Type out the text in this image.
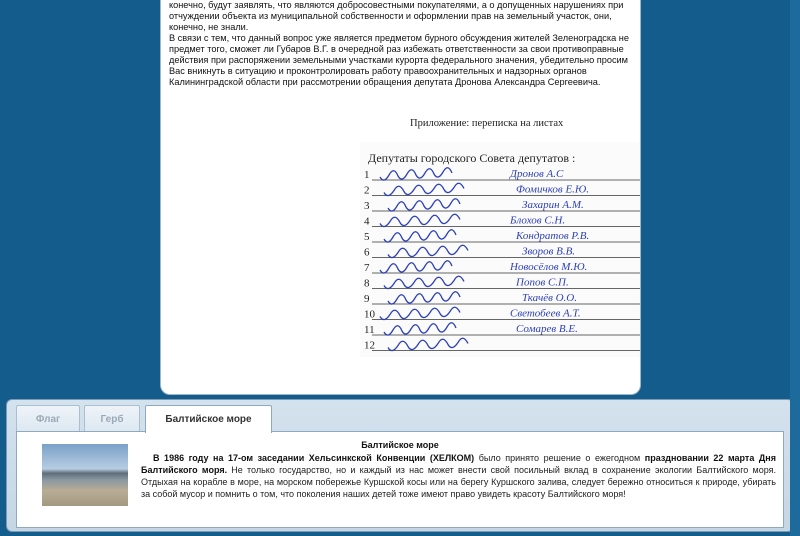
конечно, будут заявлять, что являются добросовестными покупателями, а о допущенных нарушениях при отчуждении объекта из муниципальной собственности и оформлении прав на земельный участок, они, конечно, не знали.

В связи с тем, что данный вопрос уже является предметом бурного обсуждения жителей Зеленоградска не предмет того, сможет ли Губаров В.Г. в очередной раз избежать ответственности за свои противоправные действия при распоряжении земельными участками курорта федерального значения, убедительно просим Вас вникнуть в ситуацию и проконтролировать работу правоохранительных и надзорных органов Калининградской области при рассмотрении обращения депутата Дронова Александра Сергеевича.

Приложение: переписка на листах
Депутаты городского Совета депутатов :
1	Дронов А.С
2	Фомичков Е.Ю.
3	Захарин А.М.
4	Блохов С.Н.
5	Кондратов Р.В.
6	Зворов В.В.
7	Новосёлов М.Ю.
8	Попов С.П.
9	Ткачёв О.О.
10	Светобеев А.Т.
11	Сомарев В.Е.
12
Флаг	Герб	Балтийское море
Балтийское море
В 1986 году на 17-ом заседании Хельсинкской Конвенции (ХЕЛКОМ) было принято решение о ежегодном праздновании 22 марта Дня Балтийского моря. Не только государство, но и каждый из нас может внести свой посильный вклад в сохранение экологии Балтийского моря. Отдыхая на корабле в море, на морском побережье Куршской косы или на берегу Куршского залива, следует бережно относиться к природе, убирать за собой мусор и помнить о том, что поколения наших детей тоже имеют право увидеть красоту Балтийского моря!
